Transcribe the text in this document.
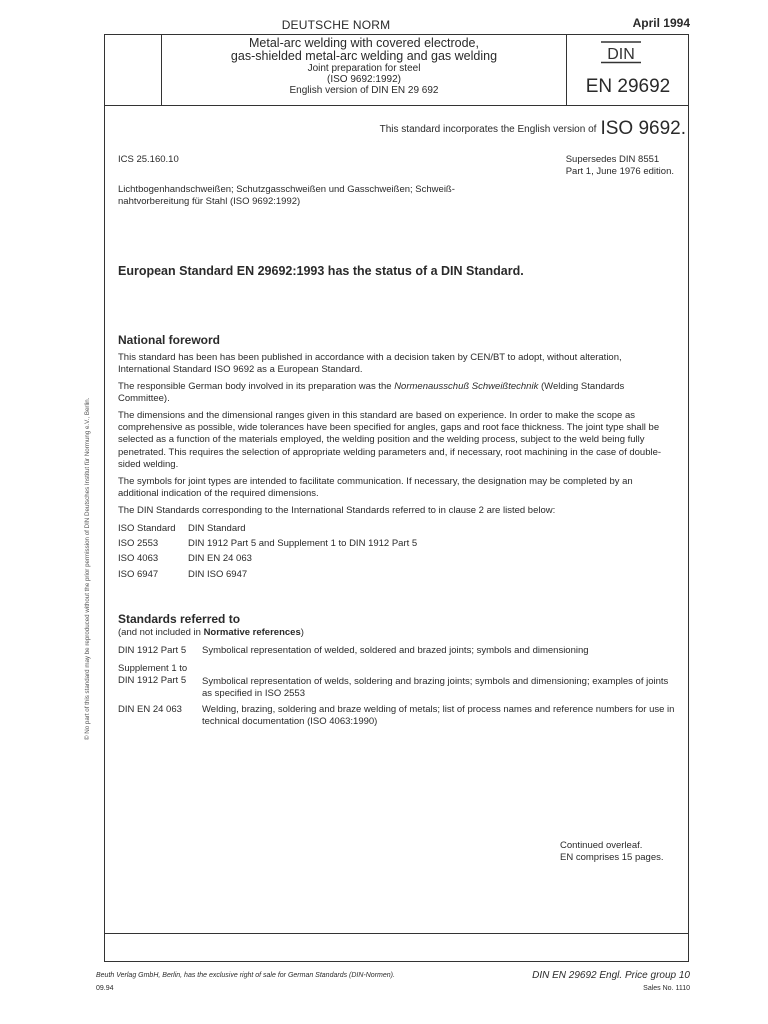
DEUTSCHE NORM	April 1994
Metal-arc welding with covered electrode,
gas-shielded metal-arc welding and gas welding
Joint preparation for steel
(ISO 9692:1992)
English version of DIN EN 29 692
DIN
EN 29692
This standard incorporates the English version of ISO 9692.
ICS 25.160.10	Supersedes DIN 8551
Part 1, June 1976 edition.
Lichtbogenhandschweißen; Schutzgasschweißen und Gasschweißen; Schweiß-
nahtvorbereitung für Stahl (ISO 9692:1992)
European Standard EN 29692:1993 has the status of a DIN Standard.
National foreword
This standard has been has been published in accordance with a decision taken by CEN/BT to adopt, without alteration, International Standard ISO 9692 as a European Standard.
The responsible German body involved in its preparation was the Normenausschuß Schweißtechnik (Welding Standards Committee).
The dimensions and the dimensional ranges given in this standard are based on experience. In order to make the scope as comprehensive as possible, wide tolerances have been specified for angles, gaps and root face thickness. The joint type shall be selected as a function of the materials employed, the welding position and the welding process, subject to the weld being fully penetrated. This requires the selection of appropriate welding parameters and, if necessary, root machining in the case of double-sided welding.
The symbols for joint types are intended to facilitate communication. If necessary, the designation may be completed by an additional indication of the required dimensions.
The DIN Standards corresponding to the International Standards referred to in clause 2 are listed below:
ISO Standard	DIN Standard
ISO 2553	DIN 1912 Part 5 and Supplement 1 to DIN 1912 Part 5
ISO 4063	DIN EN 24 063
ISO 6947	DIN ISO 6947
Standards referred to
(and not included in Normative references)
DIN 1912 Part 5	Symbolical representation of welded, soldered and brazed joints; symbols and dimensioning
Supplement 1 to DIN 1912 Part 5	Symbolical representation of welds, soldering and brazing joints; symbols and dimensioning; examples of joints as specified in ISO 2553
DIN EN 24 063	Welding, brazing, soldering and braze welding of metals; list of process names and reference numbers for use in technical documentation (ISO 4063:1990)
Continued overleaf.
EN comprises 15 pages.
Beuth Verlag GmbH, Berlin, has the exclusive right of sale for German Standards (DIN-Normen).
09.94
DIN EN 29692 Engl. Price group 10
Sales No. 1110
© No part of this standard may be reproduced without the prior permission of DIN Deutsches Institut für Normung e.V., Berlin.
